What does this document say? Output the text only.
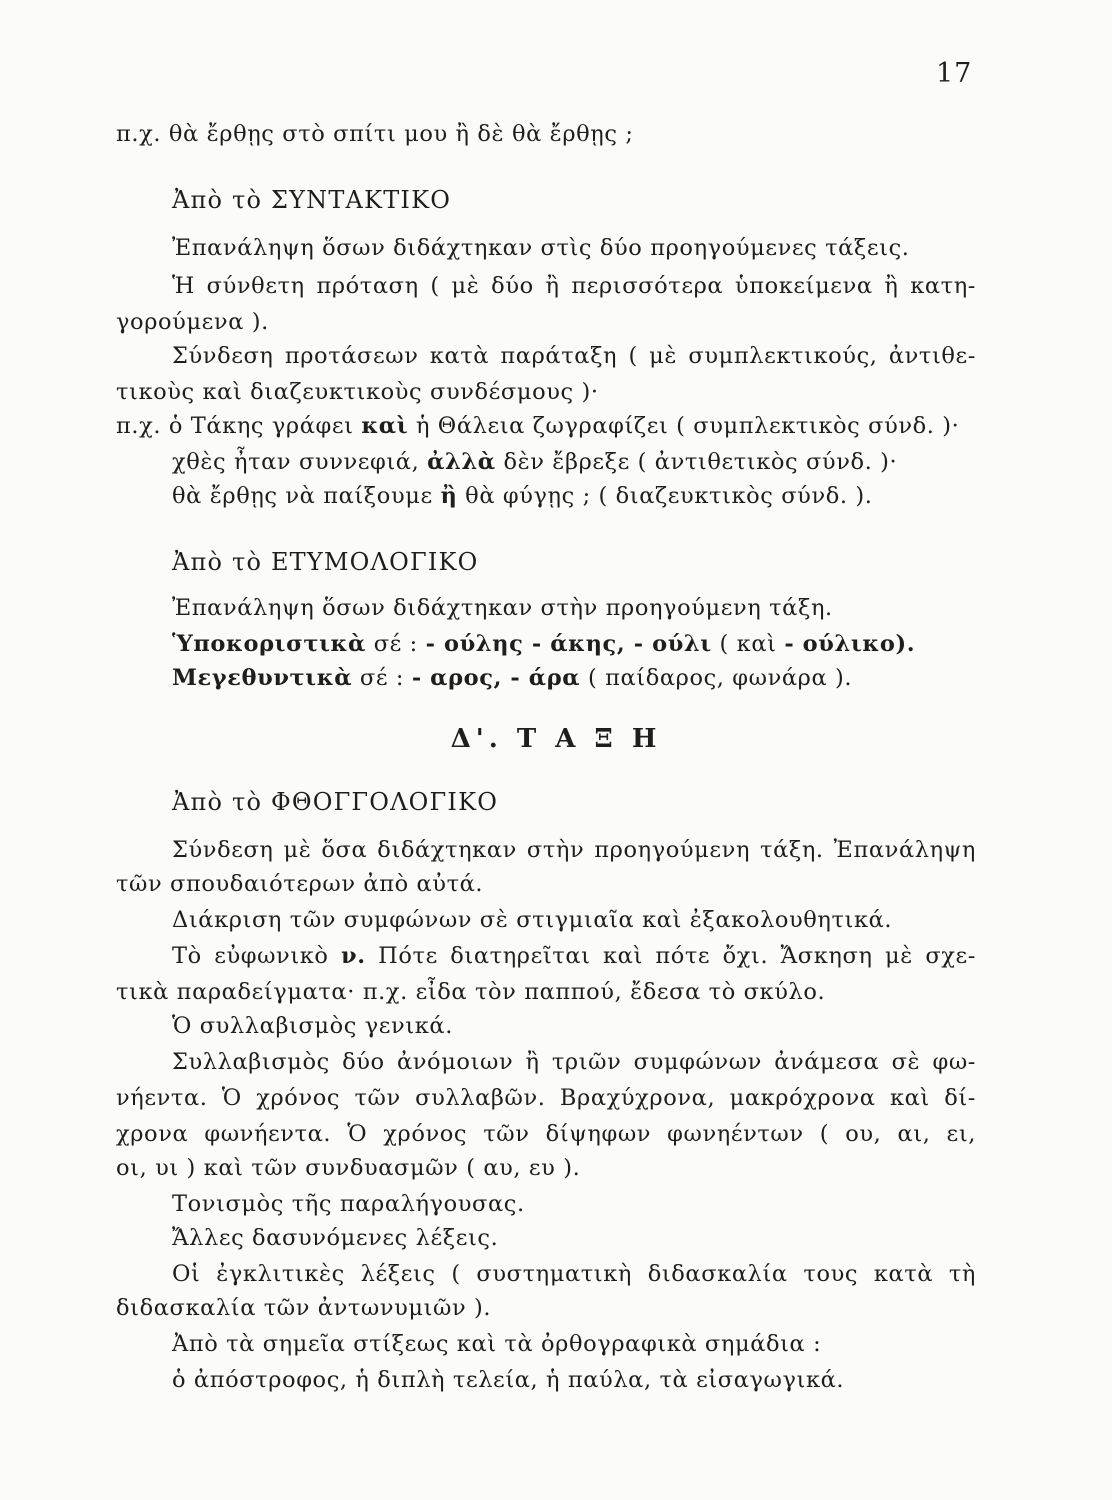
17
π.χ. θὰ ἔρθῃς στὸ σπίτι μου ἢ δὲ θὰ ἔρθῃς ;
Ἀπὸ τὸ ΣΥΝΤΑΚΤΙΚΟ
Ἐπανάληψη ὅσων διδάχτηκαν στὶς δύο προηγούμενες τάξεις.
Ἡ σύνθετη πρόταση ( μὲ δύο ἢ περισσότερα ὑποκείμενα ἢ κατη-
γορούμενα ).
Σύνδεση προτάσεων κατὰ παράταξη ( μὲ συμπλεκτικούς, ἀντιθε-
τικοὺς καὶ διαζευκτικοὺς συνδέσμους )·
π.χ. ὁ Τάκης γράφει καὶ ἡ Θάλεια ζωγραφίζει ( συμπλεκτικὸς σύνδ. )·
χθὲς ἦταν συννεφιά, ἀλλὰ δὲν ἔβρεξε ( ἀντιθετικὸς σύνδ. )·
θὰ ἔρθῃς νὰ παίξουμε ἢ θὰ φύγῃς ; ( διαζευκτικὸς σύνδ. ).
Ἀπὸ τὸ ΕΤΥΜΟΛΟΓΙΚΟ
Ἐπανάληψη ὅσων διδάχτηκαν στὴν προηγούμενη τάξη.
Ὑποκοριστικὰ σέ : - ούλης - άκης, - ούλι ( καὶ - ούλικο).
Μεγεθυντικὰ σέ : - αρος, - άρα ( παίδαρος, φωνάρα ).
Δ'. Τ Α Ξ Η
Ἀπὸ τὸ ΦΘΟΓΓΟΛΟΓΙΚΟ
Σύνδεση μὲ ὅσα διδάχτηκαν στὴν προηγούμενη τάξη. Ἐπανάληψη
τῶν σπουδαιότερων ἀπὸ αὐτά.
Διάκριση τῶν συμφώνων σὲ στιγμιαῖα καὶ ἐξακολουθητικά.
Τὸ εὐφωνικὸ ν. Πότε διατηρεῖται καὶ πότε ὄχι. Ἄσκηση μὲ σχε-
τικὰ παραδείγματα· π.χ. εἶδα τὸν παππού, ἔδεσα τὸ σκύλο.
Ὁ συλλαβισμὸς γενικά.
Συλλαβισμὸς δύο ἀνόμοιων ἢ τριῶν συμφώνων ἀνάμεσα σὲ φω-
νήεντα. Ὁ χρόνος τῶν συλλαβῶν. Βραχύχρονα, μακρόχρονα καὶ δί-
χρονα φωνήεντα. Ὁ χρόνος τῶν δίψηφων φωνηέντων ( ου, αι, ει,
οι, υι ) καὶ τῶν συνδυασμῶν ( αυ, ευ ).
Τονισμὸς τῆς παραλήγουσας.
Ἄλλες δασυνόμενες λέξεις.
Οἱ ἐγκλιτικὲς λέξεις ( συστηματικὴ διδασκαλία τους κατὰ τὴ
διδασκαλία τῶν ἀντωνυμιῶν ).
Ἀπὸ τὰ σημεῖα στίξεως καὶ τὰ ὀρθογραφικὰ σημάδια :
ὁ ἀπόστροφος, ἡ διπλὴ τελεία, ἡ παύλα, τὰ εἰσαγωγικά.
